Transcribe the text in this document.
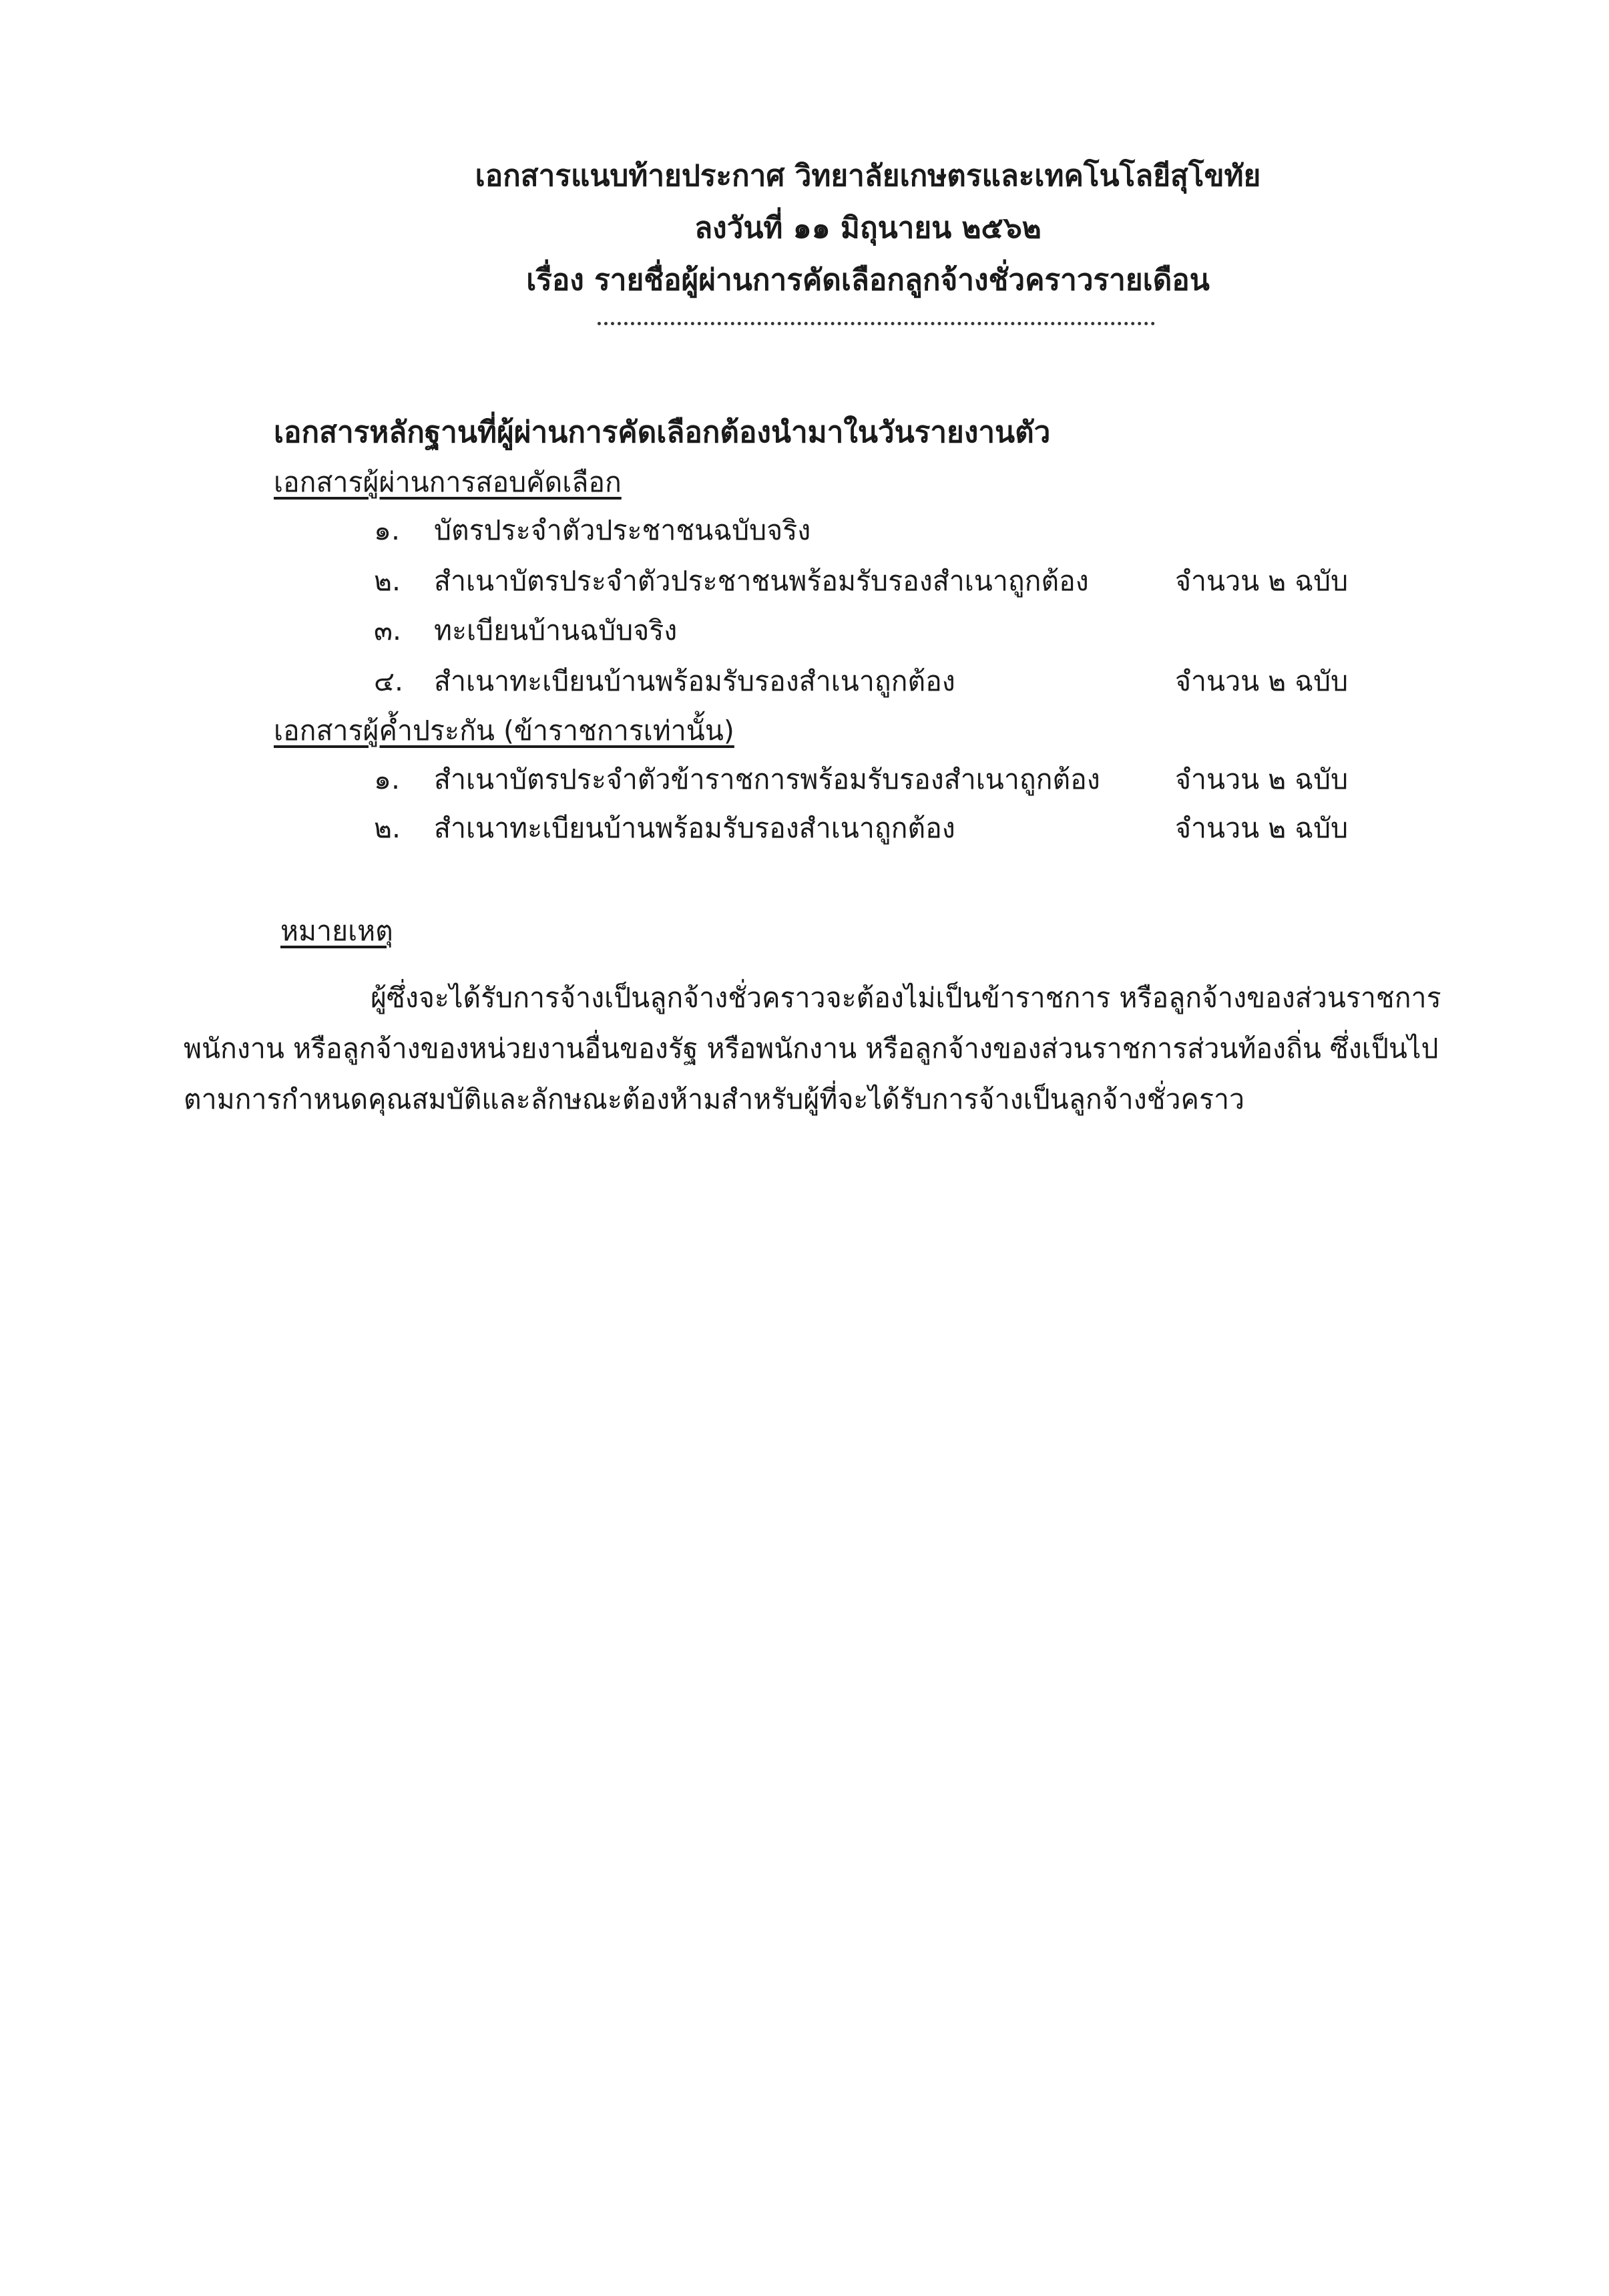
เอกสารแนบท้ายประกาศ วิทยาลัยเกษตรและเทคโนโลยีสุโขทัย
ลงวันที่ ๑๑ มิถุนายน ๒๕๖๒
เรื่อง รายชื่อผู้ผ่านการคัดเลือกลูกจ้างชั่วคราวรายเดือน
เอกสารหลักฐานที่ผู้ผ่านการคัดเลือกต้องนำมาในวันรายงานตัว
เอกสารผู้ผ่านการสอบคัดเลือก
๑. บัตรประจำตัวประชาชนฉบับจริง
๒. สำเนาบัตรประจำตัวประชาชนพร้อมรับรองสำเนาถูกต้อง	จำนวน ๒ ฉบับ
๓. ทะเบียนบ้านฉบับจริง
๔. สำเนาทะเบียนบ้านพร้อมรับรองสำเนาถูกต้อง	จำนวน ๒ ฉบับ
เอกสารผู้ค้ำประกัน (ข้าราชการเท่านั้น)
๑. สำเนาบัตรประจำตัวข้าราชการพร้อมรับรองสำเนาถูกต้อง	จำนวน ๒ ฉบับ
๒. สำเนาทะเบียนบ้านพร้อมรับรองสำเนาถูกต้อง	จำนวน ๒ ฉบับ
หมายเหตุ
ผู้ซึ่งจะได้รับการจ้างเป็นลูกจ้างชั่วคราวจะต้องไม่เป็นข้าราชการ หรือลูกจ้างของส่วนราชการ
พนักงาน หรือลูกจ้างของหน่วยงานอื่นของรัฐ หรือพนักงาน หรือลูกจ้างของส่วนราชการส่วนท้องถิ่น ซึ่งเป็นไป
ตามการกำหนดคุณสมบัติและลักษณะต้องห้ามสำหรับผู้ที่จะได้รับการจ้างเป็นลูกจ้างชั่วคราว
